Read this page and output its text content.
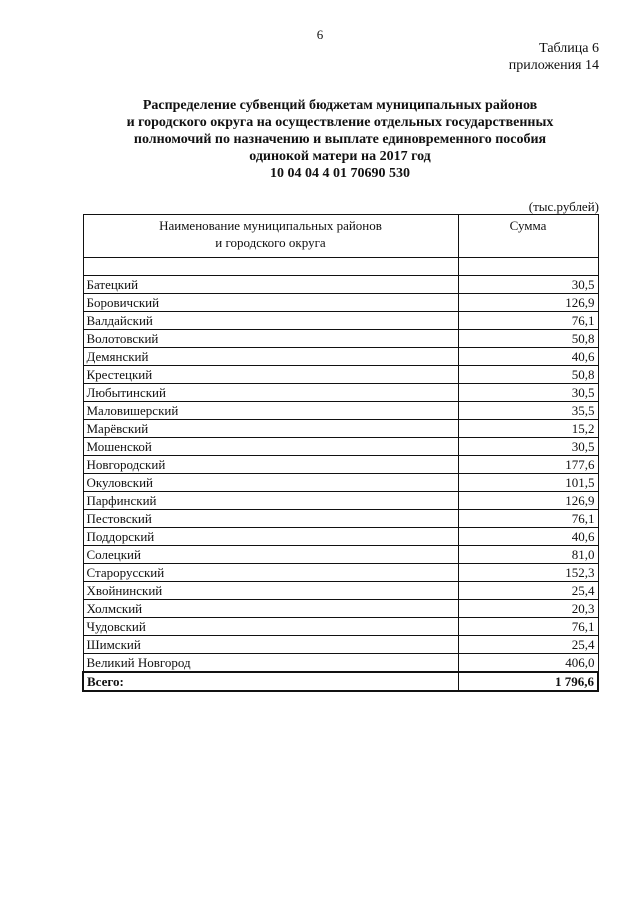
6
Таблица 6
приложения 14
Распределение субвенций бюджетам муниципальных районов
и городского округа на осуществление отдельных государственных
полномочий по назначению и выплате единовременного пособия
одинокой матери на 2017 год
10 04 04 4 01 70690 530
(тыс.рублей)
Наименование муниципальных районов
и городского округа	Сумма

Батецкий	30,5
Боровичский	126,9
Валдайский	76,1
Волотовский	50,8
Демянский	40,6
Крестецкий	50,8
Любытинский	30,5
Маловишерский	35,5
Марёвский	15,2
Мошенской	30,5
Новгородский	177,6
Окуловский	101,5
Парфинский	126,9
Пестовский	76,1
Поддорский	40,6
Солецкий	81,0
Старорусский	152,3
Хвойнинский	25,4
Холмский	20,3
Чудовский	76,1
Шимский	25,4
Великий Новгород	406,0
Всего:	1 796,6
